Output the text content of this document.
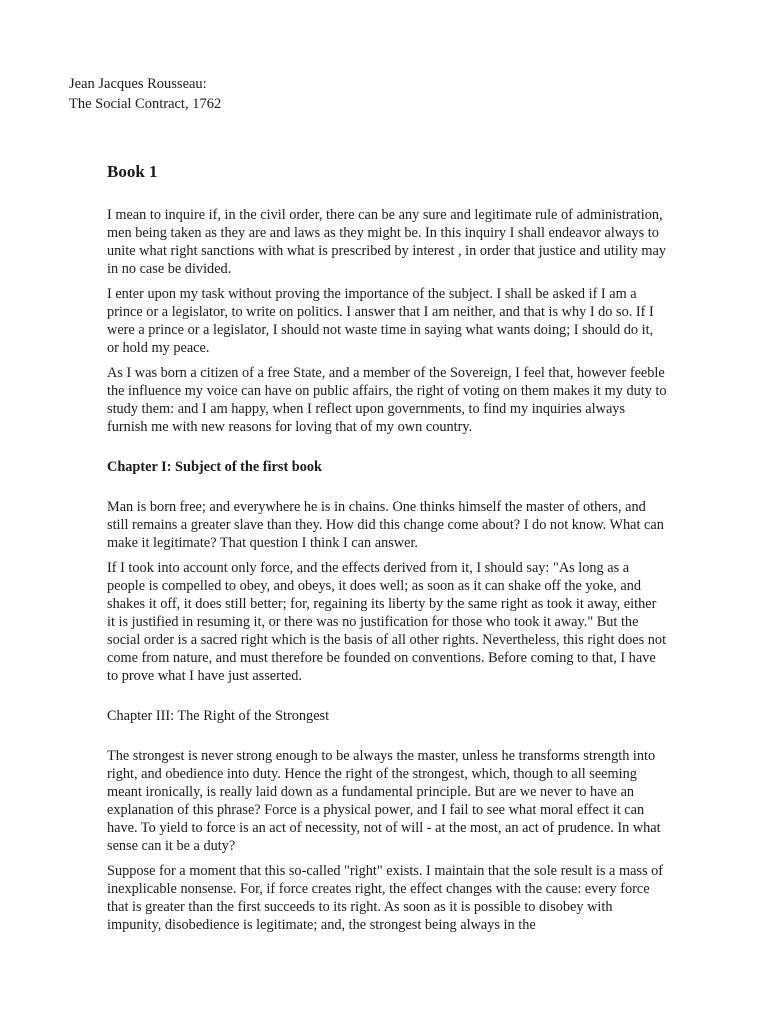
Jean Jacques Rousseau:
The Social Contract, 1762
Book 1

I mean to inquire if, in the civil order, there can be any sure and legitimate rule of administration, men being taken as they are and laws as they might be. In this inquiry I shall endeavor always to unite what right sanctions with what is prescribed by interest , in order that justice and utility may in no case be divided.

I enter upon my task without proving the importance of the subject. I shall be asked if I am a prince or a legislator, to write on politics. I answer that I am neither, and that is why I do so. If I were a prince or a legislator, I should not waste time in saying what wants doing; I should do it, or hold my peace.

As I was born a citizen of a free State, and a member of the Sovereign, I feel that, however feeble the influence my voice can have on public affairs, the right of voting on them makes it my duty to study them: and I am happy, when I reflect upon governments, to find my inquiries always furnish me with new reasons for loving that of my own country.

Chapter I: Subject of the first book

Man is born free; and everywhere he is in chains. One thinks himself the master of others, and still remains a greater slave than they. How did this change come about? I do not know. What can make it legitimate? That question I think I can answer.

If I took into account only force, and the effects derived from it, I should say: "As long as a people is compelled to obey, and obeys, it does well; as soon as it can shake off the yoke, and shakes it off, it does still better; for, regaining its liberty by the same right as took it away, either it is justified in resuming it, or there was no justification for those who took it away." But the social order is a sacred right which is the basis of all other rights. Nevertheless, this right does not come from nature, and must therefore be founded on conventions. Before coming to that, I have to prove what I have just asserted.

Chapter III: The Right of the Strongest

The strongest is never strong enough to be always the master, unless he transforms strength into right, and obedience into duty. Hence the right of the strongest, which, though to all seeming meant ironically, is really laid down as a fundamental principle. But are we never to have an explanation of this phrase? Force is a physical power, and I fail to see what moral effect it can have. To yield to force is an act of necessity, not of will - at the most, an act of prudence. In what sense can it be a duty?

Suppose for a moment that this so-called "right" exists. I maintain that the sole result is a mass of inexplicable nonsense. For, if force creates right, the effect changes with the cause: every force that is greater than the first succeeds to its right. As soon as it is possible to disobey with impunity, disobedience is legitimate; and, the strongest being always in the
